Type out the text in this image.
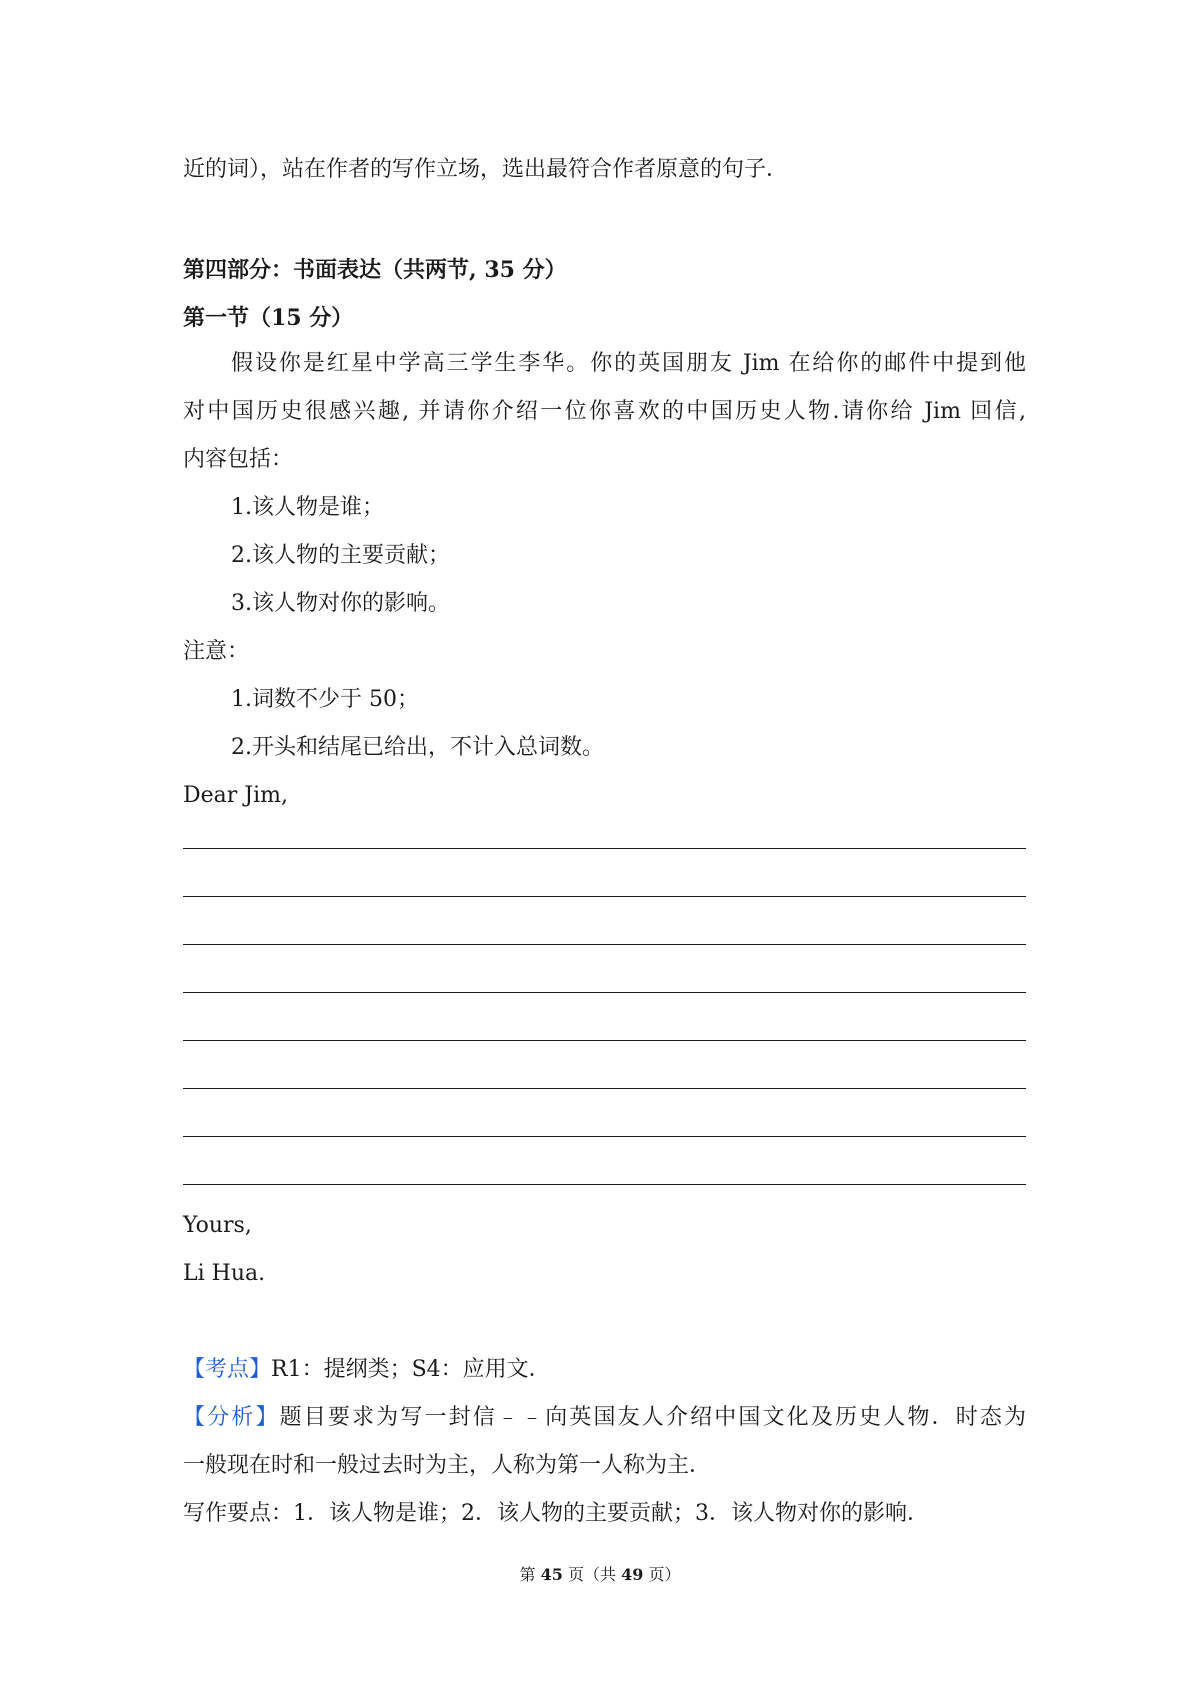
近的词），站在作者的写作立场，选出最符合作者原意的句子．
第四部分：书面表达（共两节, 35 分）
第一节（15 分）
假设你是红星中学高三学生李华。你的英国朋友 Jim 在给你的邮件中提到他
对中国历史很感兴趣, 并请你介绍一位你喜欢的中国历史人物.请你给 Jim 回信,
内容包括：
1.该人物是谁；
2.该人物的主要贡献；
3.该人物对你的影响。
注意：
1.词数不少于 50；
2.开头和结尾已给出，不计入总词数。
Dear Jim,
Yours,
Li Hua.
【考点】R1：提纲类；S4：应用文．
【分析】题目要求为写一封信﹣﹣向英国友人介绍中国文化及历史人物．时态为
一般现在时和一般过去时为主，人称为第一人称为主．
写作要点：1．该人物是谁；2．该人物的主要贡献；3．该人物对你的影响．
第 45 页（共 49 页）
